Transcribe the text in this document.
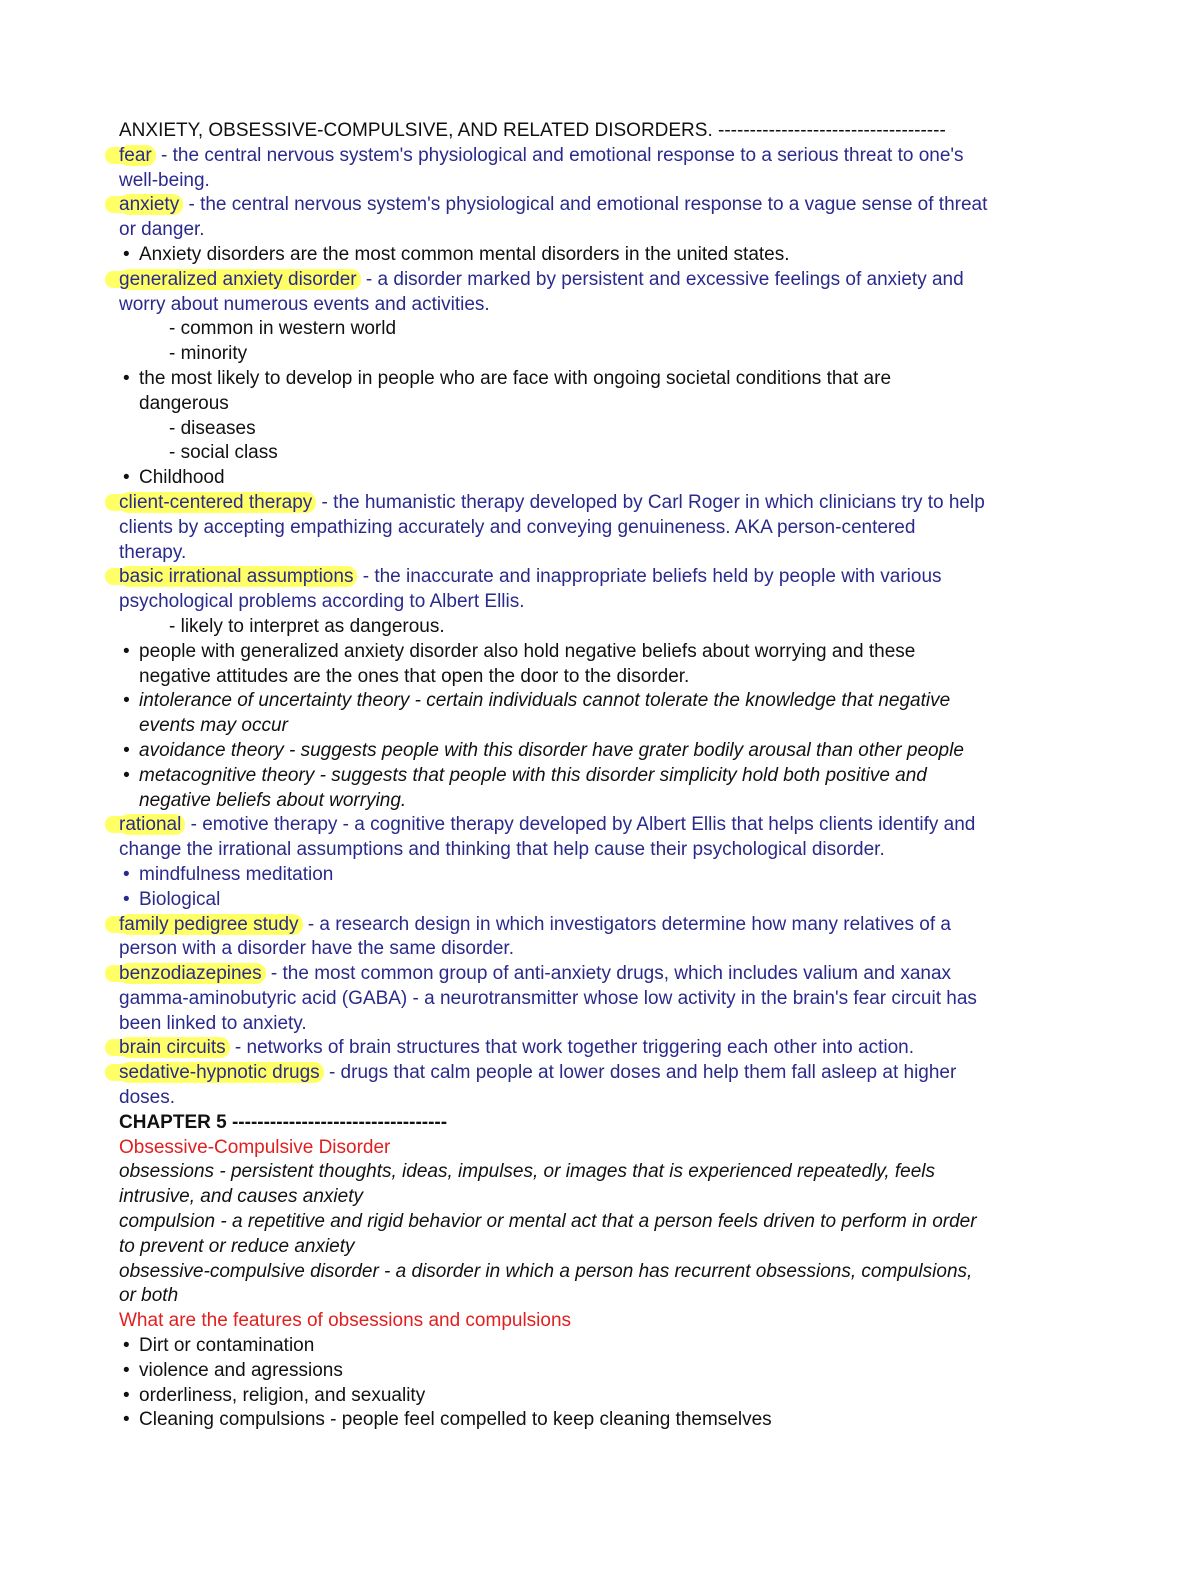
ANXIETY, OBSESSIVE-COMPULSIVE, AND RELATED DISORDERS. ------------------------------------
fear - the central nervous system's physiological and emotional response to a serious threat to one's
well-being.
anxiety - the central nervous system's physiological and emotional response to a vague sense of threat
or danger.
• Anxiety disorders are the most common mental disorders in the united states.
generalized anxiety disorder - a disorder marked by persistent and excessive feelings of anxiety and
worry about numerous events and activities.
- common in western world
- minority
• the most likely to develop in people who are face with ongoing societal conditions that are
dangerous
- diseases
- social class
• Childhood
client-centered therapy - the humanistic therapy developed by Carl Roger in which clinicians try to help
clients by accepting empathizing accurately and conveying genuineness. AKA person-centered
therapy.
basic irrational assumptions - the inaccurate and inappropriate beliefs held by people with various
psychological problems according to Albert Ellis.
- likely to interpret as dangerous.
• people with generalized anxiety disorder also hold negative beliefs about worrying and these
negative attitudes are the ones that open the door to the disorder.
• intolerance of uncertainty theory - certain individuals cannot tolerate the knowledge that negative
events may occur
• avoidance theory - suggests people with this disorder have grater bodily arousal than other people
• metacognitive theory - suggests that people with this disorder simplicity hold both positive and
negative beliefs about worrying.
rational - emotive therapy - a cognitive therapy developed by Albert Ellis that helps clients identify and
change the irrational assumptions and thinking that help cause their psychological disorder.
• mindfulness meditation
• Biological
family pedigree study - a research design in which investigators determine how many relatives of a
person with a disorder have the same disorder.
benzodiazepines - the most common group of anti-anxiety drugs, which includes valium and xanax
gamma-aminobutyric acid (GABA) - a neurotransmitter whose low activity in the brain's fear circuit has
been linked to anxiety.
brain circuits - networks of brain structures that work together triggering each other into action.
sedative-hypnotic drugs - drugs that calm people at lower doses and help them fall asleep at higher
doses.
CHAPTER 5 ----------------------------------
Obsessive-Compulsive Disorder
obsessions - persistent thoughts, ideas, impulses, or images that is experienced repeatedly, feels
intrusive, and causes anxiety
compulsion - a repetitive and rigid behavior or mental act that a person feels driven to perform in order
to prevent or reduce anxiety
obsessive-compulsive disorder - a disorder in which a person has recurrent obsessions, compulsions,
or both
What are the features of obsessions and compulsions
• Dirt or contamination
• violence and agressions
• orderliness, religion, and sexuality
• Cleaning compulsions - people feel compelled to keep cleaning themselves
